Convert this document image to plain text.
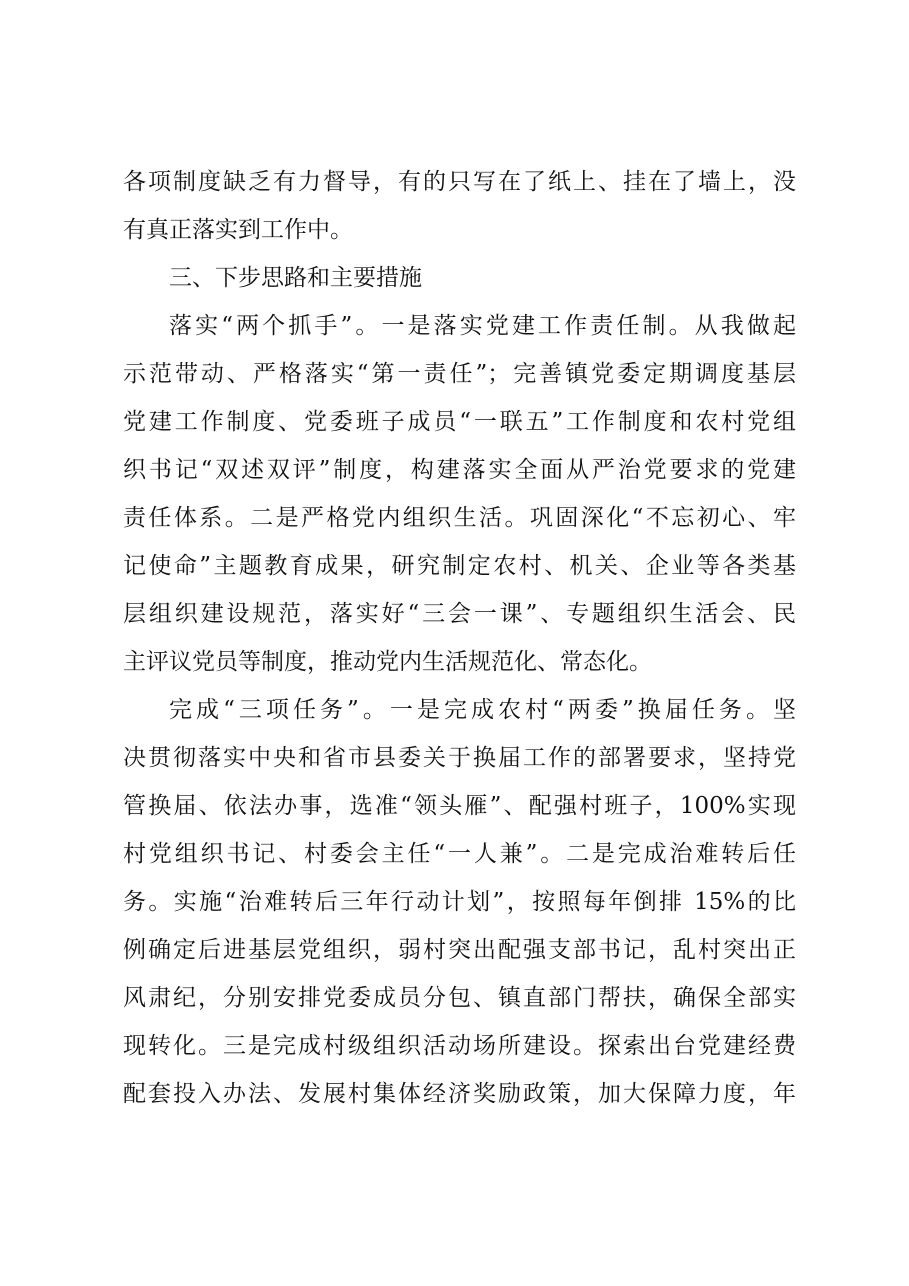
各项制度缺乏有力督导，有的只写在了纸上、挂在了墙上，没
有真正落实到工作中。
三、下步思路和主要措施
落实“两个抓手”。一是落实党建工作责任制。从我做起
示范带动、严格落实“第一责任”；完善镇党委定期调度基层
党建工作制度、党委班子成员“一联五”工作制度和农村党组
织书记“双述双评”制度，构建落实全面从严治党要求的党建
责任体系。二是严格党内组织生活。巩固深化“不忘初心、牢
记使命”主题教育成果，研究制定农村、机关、企业等各类基
层组织建设规范，落实好“三会一课”、专题组织生活会、民
主评议党员等制度，推动党内生活规范化、常态化。
完成“三项任务”。一是完成农村“两委”换届任务。坚
决贯彻落实中央和省市县委关于换届工作的部署要求，坚持党
管换届、依法办事，选准“领头雁”、配强村班子，100%实现
村党组织书记、村委会主任“一人兼”。二是完成治难转后任
务。实施“治难转后三年行动计划”，按照每年倒排 15%的比
例确定后进基层党组织，弱村突出配强支部书记，乱村突出正
风肃纪，分别安排党委成员分包、镇直部门帮扶，确保全部实
现转化。三是完成村级组织活动场所建设。探索出台党建经费
配套投入办法、发展村集体经济奖励政策，加大保障力度，年
